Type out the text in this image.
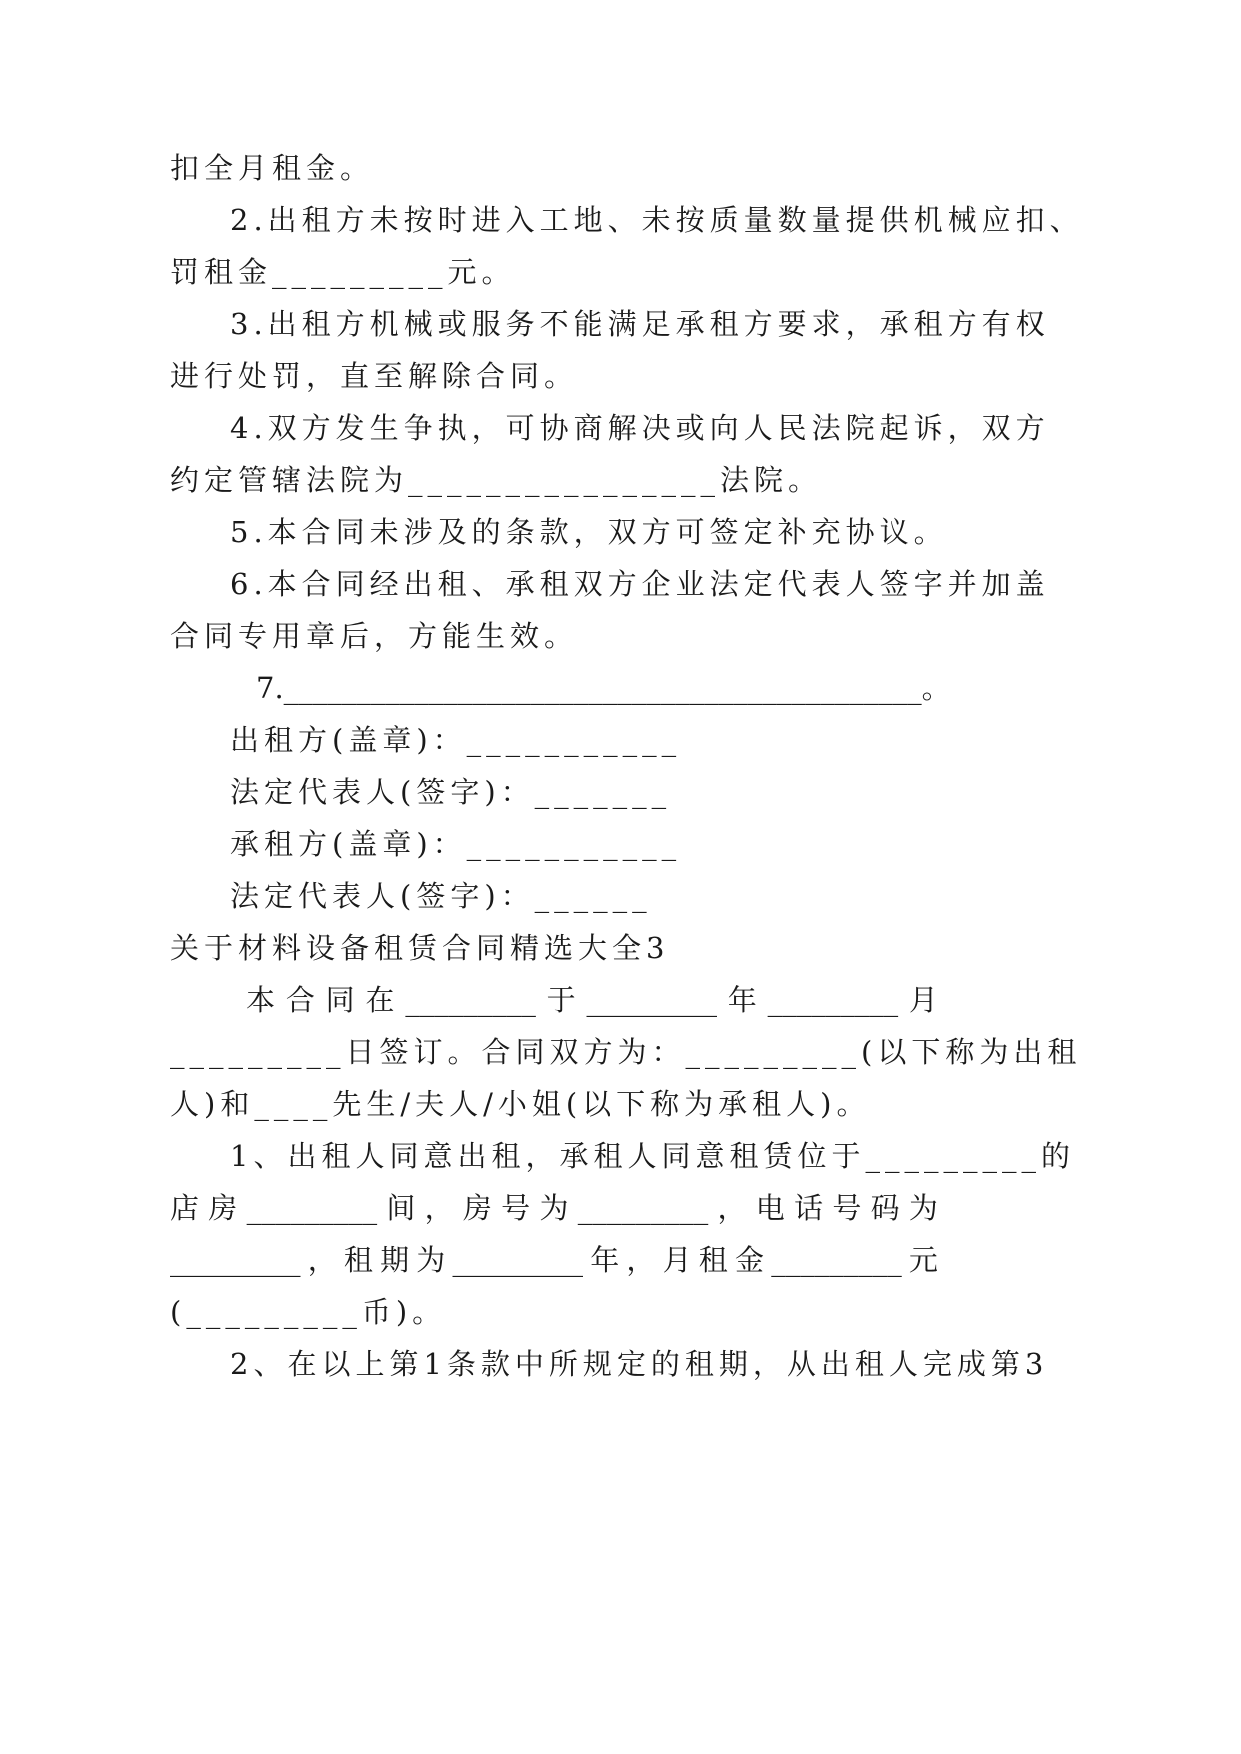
扣全月租金。
2.出租方未按时进入工地、未按质量数量提供机械应扣、
罚租金_________元。
3.出租方机械或服务不能满足承租方要求，承租方有权
进行处罚，直至解除合同。
4.双方发生争执，可协商解决或向人民法院起诉，双方
约定管辖法院为________________法院。
5.本合同未涉及的条款，双方可签定补充协议。
6.本合同经出租、承租双方企业法定代表人签字并加盖
合同专用章后，方能生效。
7.____________________________________________。
出租方(盖章)：___________
法定代表人(签字)：_______
承租方(盖章)：___________
法定代表人(签字)：______
关于材料设备租赁合同精选大全3
本 合 同 在 _________ 于 _________ 年 _________ 月
_________日签订。合同双方为：_________(以下称为出租
人)和____先生/夫人/小姐(以下称为承租人)。
1、出租人同意出租，承租人同意租赁位于_________的
店 房 _________ 间 ， 房 号 为 _________ ， 电 话 号 码 为
_________ ， 租 期 为 _________ 年 ， 月 租 金 _________ 元
(_________币)。
2、在以上第1条款中所规定的租期，从出租人完成第3
